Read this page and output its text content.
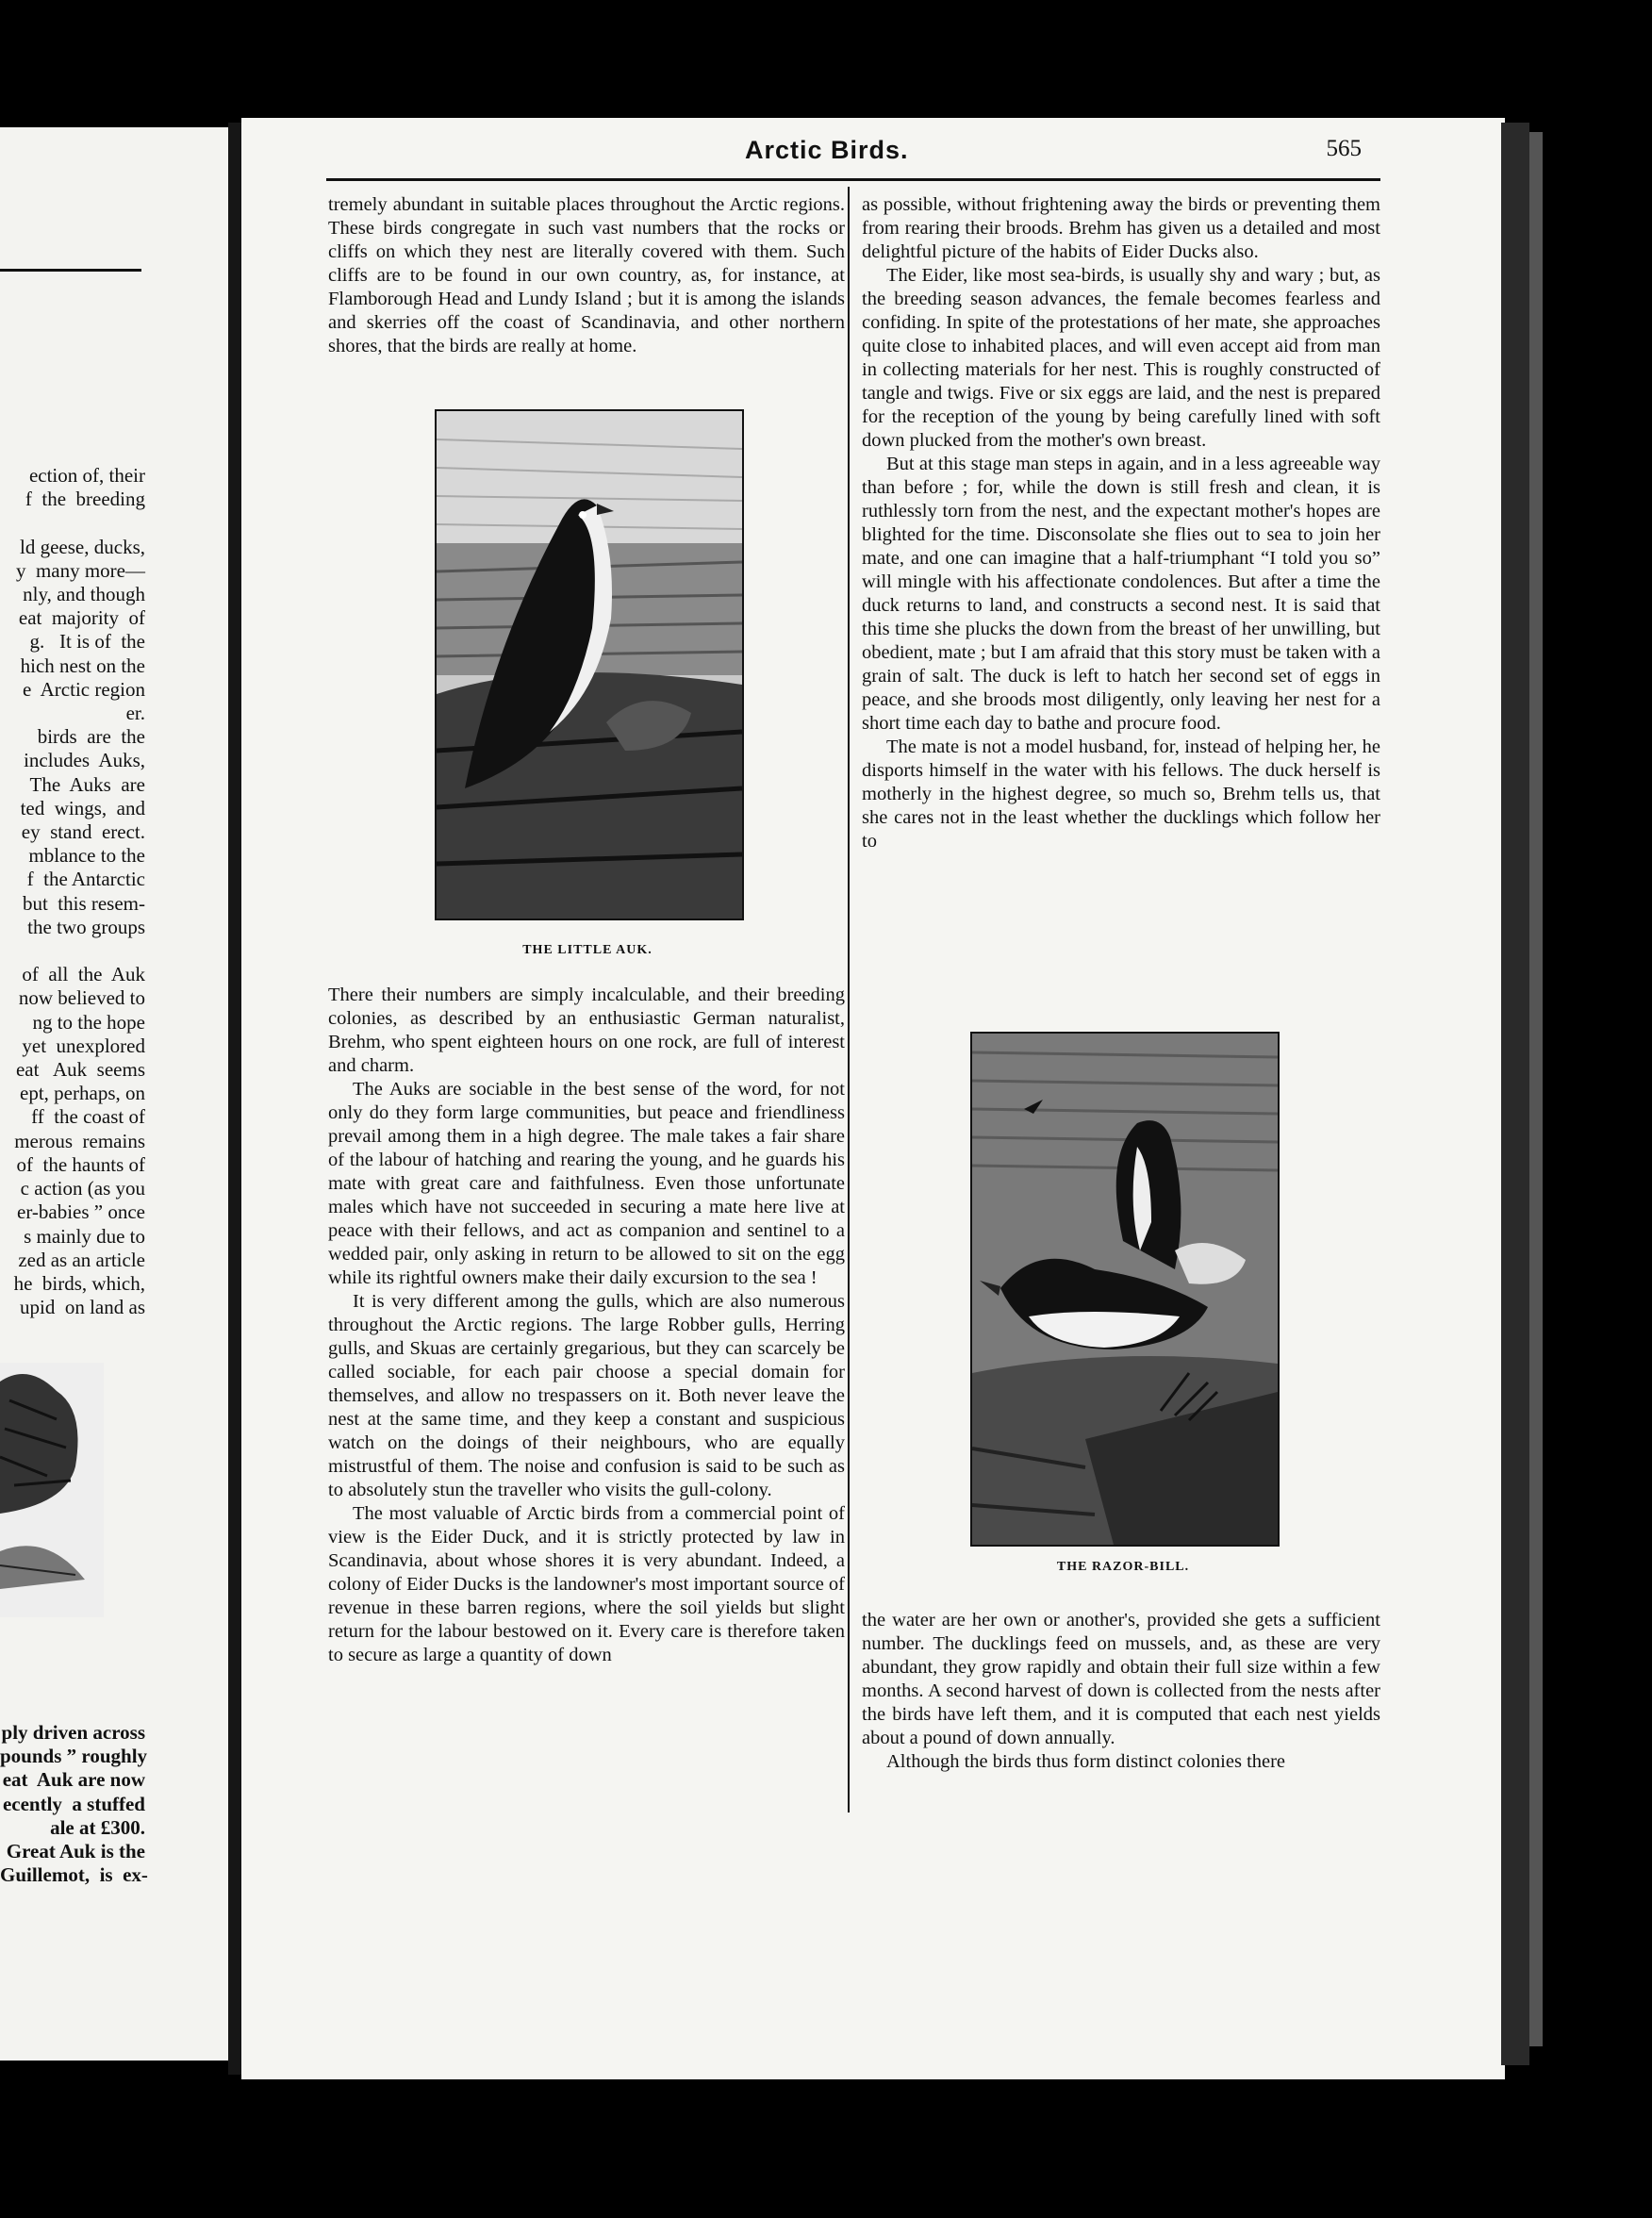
ection of, their
f  the  breeding

ld geese, ducks,
y  many more—
nly, and though
eat  majority  of
g.   It is of  the
hich nest on the
e  Arctic region
er.
birds  are  the
includes  Auks,
The  Auks  are
ted  wings,  and
ey  stand  erect.
mblance to the
f  the Antarctic
but  this resem-
the two groups

of  all  the  Auk
now believed to
ng to the hope
yet  unexplored
eat   Auk  seems
ept, perhaps, on
ff  the coast of
merous  remains
of  the haunts of
c action (as you
er-babies ” once
s mainly due to
zed as an article
he  birds, which,
upid  on land as
ply driven across
pounds ” roughly
eat  Auk are now
ecently  a stuffed
ale at £300.
Great Auk is the
Guillemot,  is  ex-
Arctic Birds.	565

tremely abundant in suitable places throughout the Arctic regions. These birds congregate in such vast numbers that the rocks or cliffs on which they nest are literally covered with them. Such cliffs are to be found in our own country, as, for instance, at Flamborough Head and Lundy Island ; but it is among the islands and skerries off the coast of Scandinavia, and other northern shores, that the birds are really at home.

THE LITTLE AUK.

There their numbers are simply incalculable, and their breeding colonies, as described by an enthusiastic German naturalist, Brehm, who spent eighteen hours on one rock, are full of interest and charm.

The Auks are sociable in the best sense of the word, for not only do they form large communities, but peace and friendliness prevail among them in a high degree. The male takes a fair share of the labour of hatching and rearing the young, and he guards his mate with great care and faithfulness. Even those unfortunate males which have not succeeded in securing a mate here live at peace with their fellows, and act as companion and sentinel to a wedded pair, only asking in return to be allowed to sit on the egg while its rightful owners make their daily excursion to the sea !

It is very different among the gulls, which are also numerous throughout the Arctic regions. The large Robber gulls, Herring gulls, and Skuas are certainly gregarious, but they can scarcely be called sociable, for each pair choose a special domain for themselves, and allow no trespassers on it. Both never leave the nest at the same time, and they keep a constant and suspicious watch on the doings of their neighbours, who are equally mistrustful of them. The noise and confusion is said to be such as to absolutely stun the traveller who visits the gull-colony.

The most valuable of Arctic birds from a commercial point of view is the Eider Duck, and it is strictly protected by law in Scandinavia, about whose shores it is very abundant. Indeed, a colony of Eider Ducks is the landowner's most important source of revenue in these barren regions, where the soil yields but slight return for the labour bestowed on it. Every care is therefore taken to secure as large a quantity of down

as possible, without frightening away the birds or preventing them from rearing their broods. Brehm has given us a detailed and most delightful picture of the habits of Eider Ducks also.

The Eider, like most sea-birds, is usually shy and wary ; but, as the breeding season advances, the female becomes fearless and confiding. In spite of the protestations of her mate, she approaches quite close to inhabited places, and will even accept aid from man in collecting materials for her nest. This is roughly constructed of tangle and twigs. Five or six eggs are laid, and the nest is prepared for the reception of the young by being carefully lined with soft down plucked from the mother's own breast.

But at this stage man steps in again, and in a less agreeable way than before ; for, while the down is still fresh and clean, it is ruthlessly torn from the nest, and the expectant mother's hopes are blighted for the time. Disconsolate she flies out to sea to join her mate, and one can imagine that a half-triumphant “I told you so” will mingle with his affectionate condolences. But after a time the duck returns to land, and constructs a second nest. It is said that this time she plucks the down from the breast of her unwilling, but obedient, mate ; but I am afraid that this story must be taken with a grain of salt. The duck is left to hatch her second set of eggs in peace, and she broods most diligently, only leaving her nest for a short time each day to bathe and procure food.

The mate is not a model husband, for, instead of helping her, he disports himself in the water with his fellows. The duck herself is motherly in the highest degree, so much so, Brehm tells us, that she cares not in the least whether the ducklings which follow her to

THE RAZOR-BILL.

the water are her own or another's, provided she gets a sufficient number. The ducklings feed on mussels, and, as these are very abundant, they grow rapidly and obtain their full size within a few months. A second harvest of down is collected from the nests after the birds have left them, and it is computed that each nest yields about a pound of down annually.

Although the birds thus form distinct colonies there
